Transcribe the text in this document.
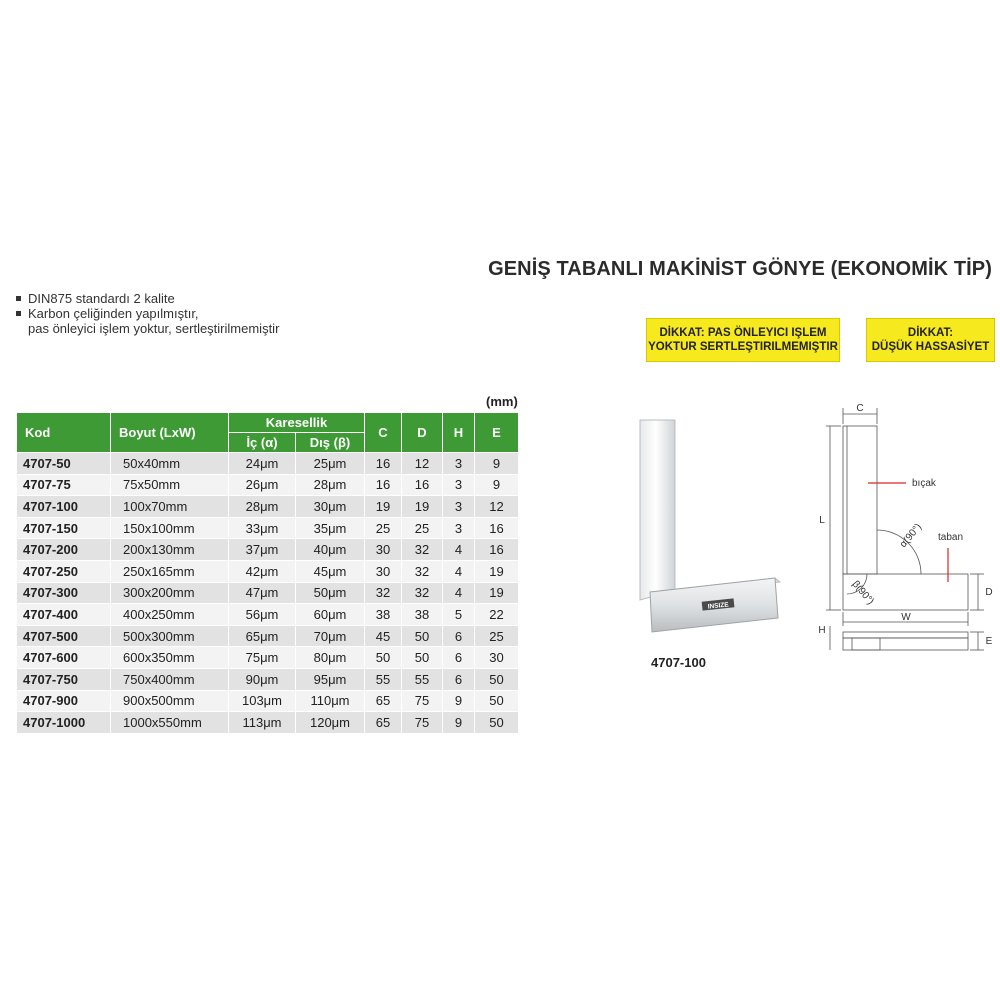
GENİŞ TABANLI MAKİNİST GÖNYE (EKONOMİK TİP)
DIN875 standardı 2 kalite
Karbon çeliğinden yapılmıştır,
pas önleyici işlem yoktur, sertleştirilmemiştir	DİKKAT: PAS ÖNLEYICI IŞLEM
YOKTUR SERTLEŞTIRILMEMIŞTIR
DİKKAT:
DÜŞÜK HASSASİYET
(mm)
Kod	Boyut (LxW)	Karesellik		C	D	H	E
		İç (α)	Dış (β)				
4707-50	50x40mm	24μm	25μm	16	12	3	9
4707-75	75x50mm	26μm	28μm	16	16	3	9
4707-100	100x70mm	28μm	30μm	19	19	3	12
4707-150	150x100mm	33μm	35μm	25	25	3	16
4707-200	200x130mm	37μm	40μm	30	32	4	16
4707-250	250x165mm	42μm	45μm	30	32	4	19
4707-300	300x200mm	47μm	50μm	32	32	4	19
4707-400	400x250mm	56μm	60μm	38	38	5	22
4707-500	500x300mm	65μm	70μm	45	50	6	25
4707-600	600x350mm	75μm	80μm	50	50	6	30
4707-750	750x400mm	90μm	95μm	55	55	6	50
4707-900	900x500mm	103μm	110μm	65	75	9	50
4707-1000	1000x550mm	113μm	120μm	65	75	9	50
INSIZE
4707-100
C
L
W
D
H
E
bıçak
taban
α(90°)
β(90°)
